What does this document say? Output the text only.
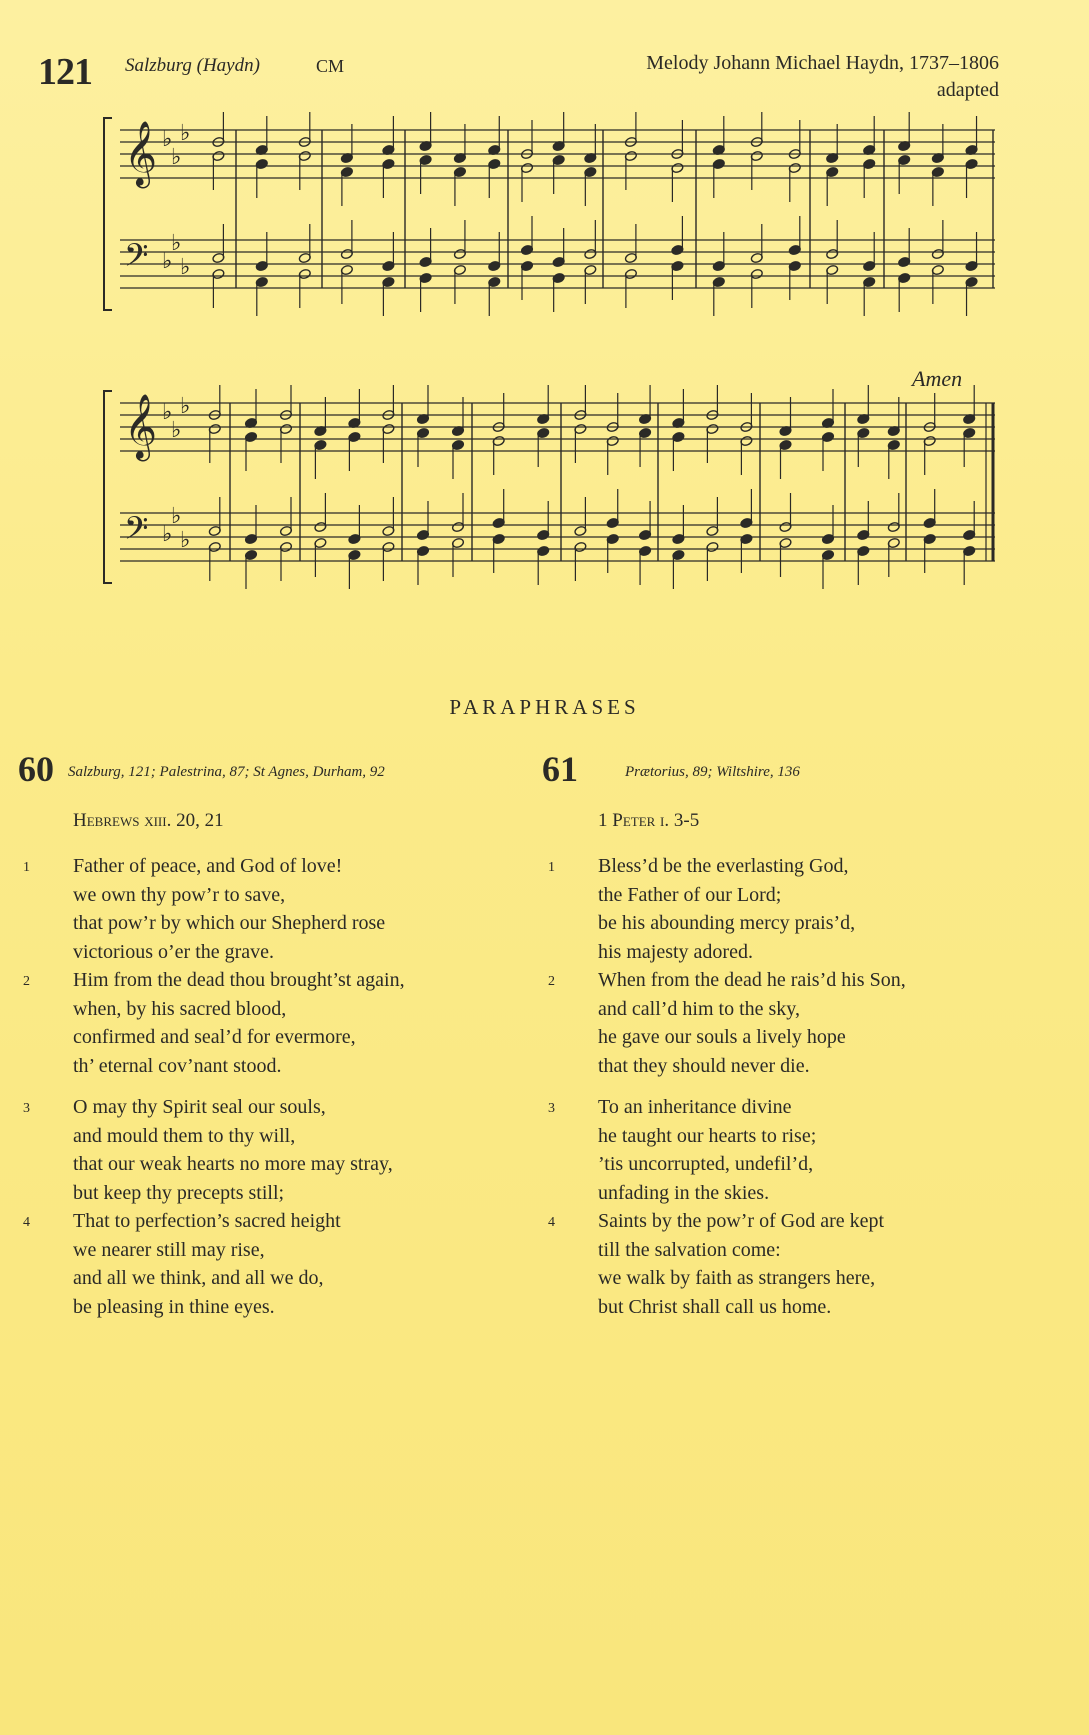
121 Salzburg (Haydn)	CM	Melody Johann Michael Haydn, 1737–1806
adapted
𝄞 ♭
♭
♭
𝄢 ♭
♭
♭
𝄞 ♭
♭
♭
𝄢 ♭
♭
♭
Amen
PARAPHRASES
60 Salzburg, 121; Palestrina, 87; St Agnes, Durham, 92
Hebrews xiii. 20, 21
61	Prætorius, 89; Wiltshire, 136
1 Peter i. 3-5
1 Father of peace, and God of love!
we own thy pow’r to save,
that pow’r by which our Shepherd rose
victorious o’er the grave.
2 Him from the dead thou brought’st again,
when, by his sacred blood,
confirmed and seal’d for evermore,
th’ eternal cov’nant stood.
3 O may thy Spirit seal our souls,
and mould them to thy will,
that our weak hearts no more may stray,
but keep thy precepts still;
4 That to perfection’s sacred height
we nearer still may rise,
and all we think, and all we do,
be pleasing in thine eyes.
1 Bless’d be the everlasting God,
the Father of our Lord;
be his abounding mercy prais’d,
his majesty adored.
2 When from the dead he rais’d his Son,
and call’d him to the sky,
he gave our souls a lively hope
that they should never die.
3 To an inheritance divine
he taught our hearts to rise;
’tis uncorrupted, undefil’d,
unfading in the skies.
4 Saints by the pow’r of God are kept
till the salvation come:
we walk by faith as strangers here,
but Christ shall call us home.
